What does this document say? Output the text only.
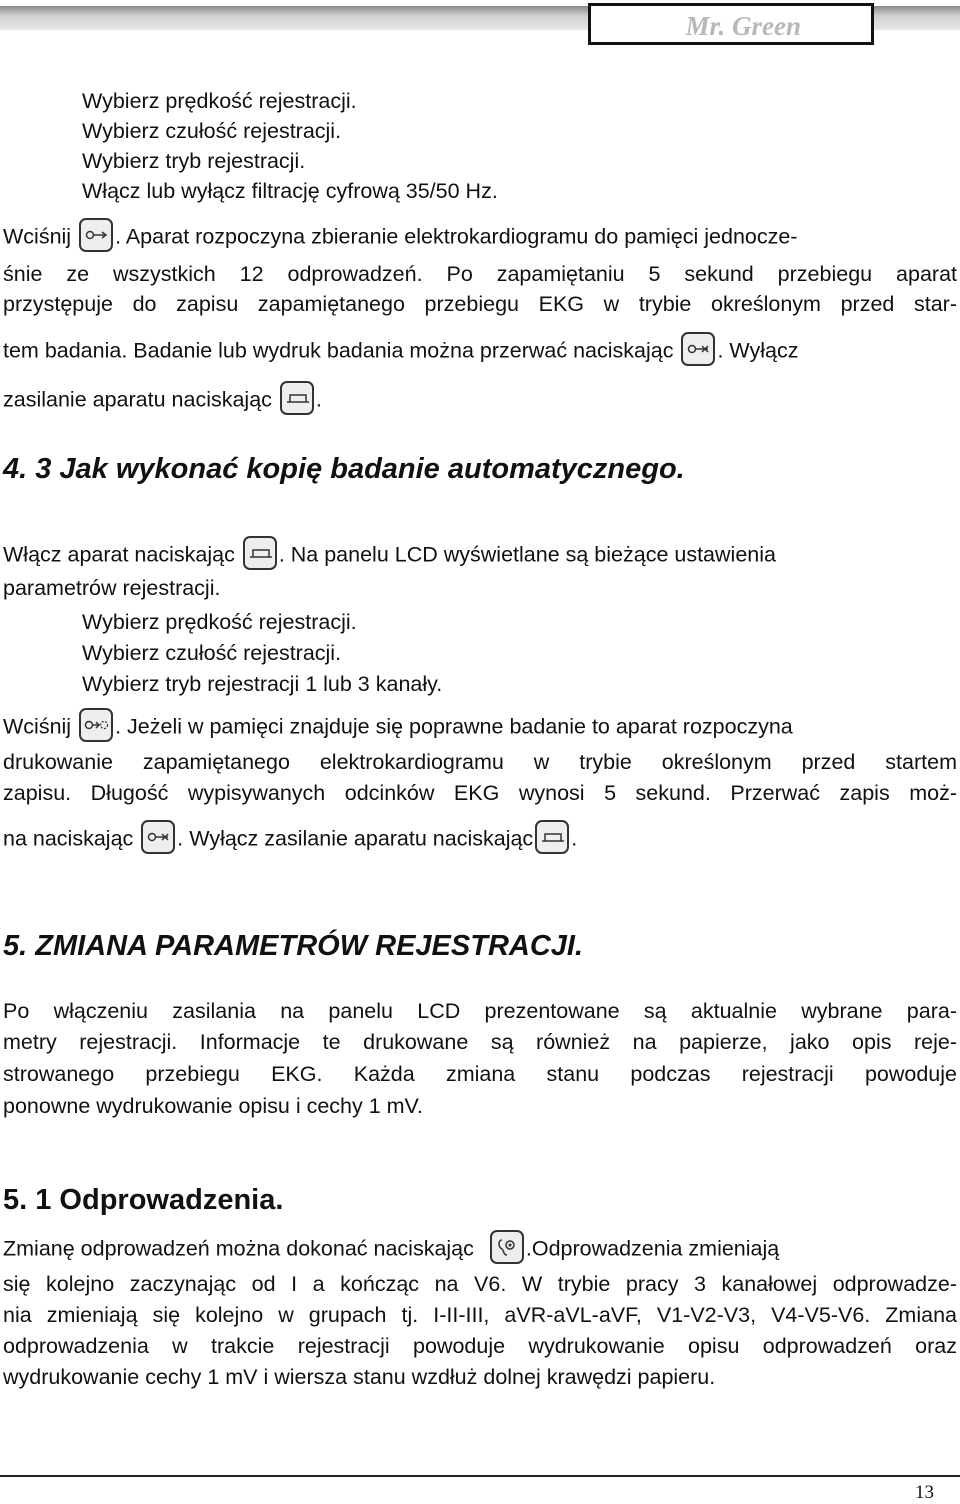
Mr. Green
Wybierz prędkość rejestracji.
Wybierz czułość rejestracji.
Wybierz tryb rejestracji.
Włącz lub wyłącz filtrację cyfrową 35/50 Hz.
Wciśnij . Aparat rozpoczyna zbieranie elektrokardiogramu do pamięci jednocze-
śnie ze wszystkich 12 odprowadzeń. Po zapamiętaniu 5 sekund przebiegu aparat
przystępuje do zapisu zapamiętanego przebiegu EKG w trybie określonym przed star-
tem badania. Badanie lub wydruk badania można przerwać naciskając . Wyłącz
zasilanie aparatu naciskając .
4. 3 Jak wykonać kopię badanie automatycznego.
Włącz aparat naciskając . Na panelu LCD wyświetlane są bieżące ustawienia
parametrów rejestracji.
Wybierz prędkość rejestracji.
Wybierz czułość rejestracji.
Wybierz tryb rejestracji 1 lub 3 kanały.
Wciśnij . Jeżeli w pamięci znajduje się poprawne badanie to aparat rozpoczyna
drukowanie zapamiętanego elektrokardiogramu w trybie określonym przed startem
zapisu. Długość wypisywanych odcinków EKG wynosi 5 sekund. Przerwać zapis moż-
na naciskając . Wyłącz zasilanie aparatu naciskając .
5. ZMIANA PARAMETRÓW REJESTRACJI.
Po włączeniu zasilania na panelu LCD prezentowane są aktualnie wybrane para-
metry rejestracji. Informacje te drukowane są również na papierze, jako opis reje-
strowanego przebiegu EKG. Każda zmiana stanu podczas rejestracji powoduje
ponowne wydrukowanie opisu i cechy 1 mV.
5. 1 Odprowadzenia.
Zmianę odprowadzeń można dokonać naciskając .Odprowadzenia zmieniają
się kolejno zaczynając od I a kończąc na V6. W trybie pracy 3 kanałowej odprowadze-
nia zmieniają się kolejno w grupach tj. I-II-III, aVR-aVL-aVF, V1-V2-V3, V4-V5-V6. Zmiana
odprowadzenia w trakcie rejestracji powoduje wydrukowanie opisu odprowadzeń oraz
wydrukowanie cechy 1 mV i wiersza stanu wzdłuż dolnej krawędzi papieru.
13
